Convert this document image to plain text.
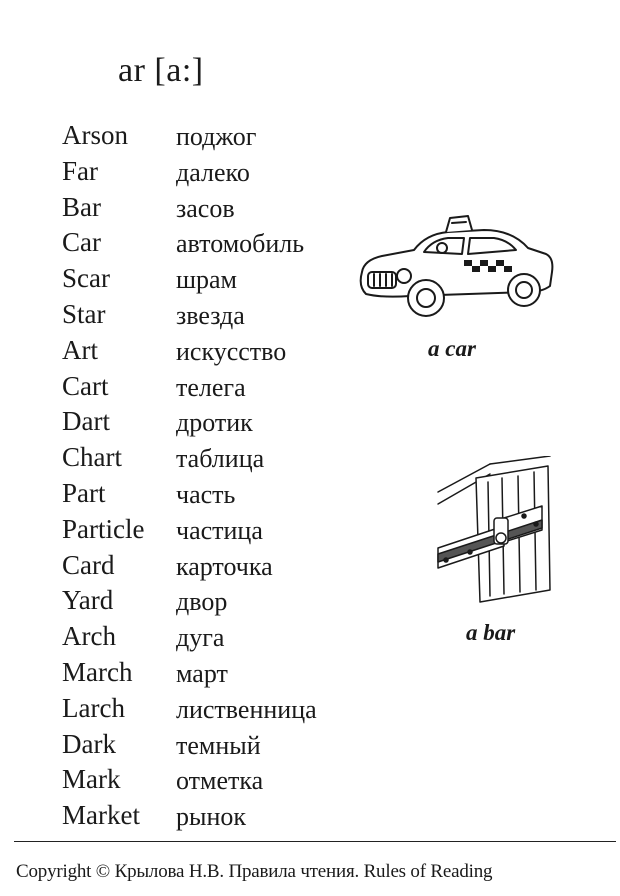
ar [a:]
Arson поджог
Far	далеко
Bar	засов
Car	автомобиль
Scar	шрам
Star	звезда
Art	искусство
Cart	телега
Dart	дротик
Chart таблица
Part	часть
Particle частица
Card карточка
Yard двор
Arch дуга
March март
Larch лиственница
Dark темный
Mark отметка
Market рынок
a car
a bar
Copyright © Крылова Н.В. Правила чтения. Rules of Reading
